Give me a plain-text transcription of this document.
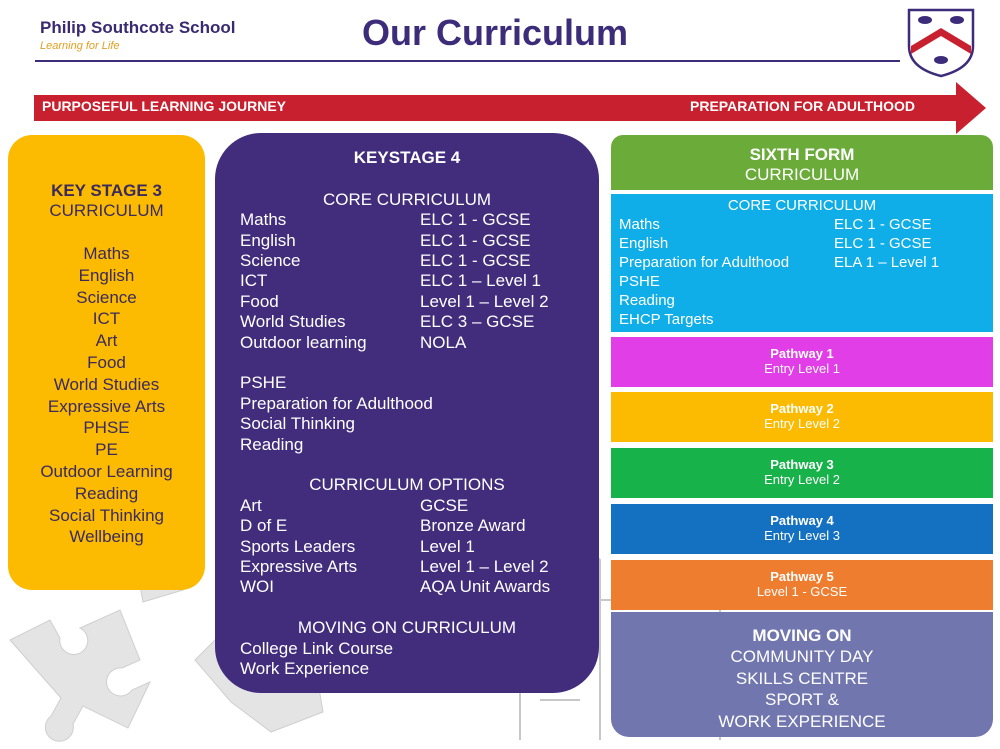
Philip Southcote School
Learning for Life	Our Curriculum
PURPOSEFUL LEARNING JOURNEY	PREPARATION FOR ADULTHOOD
KEY STAGE 3
CURRICULUM
Maths
English
Science
ICT
Art
Food
World Studies
Expressive Arts
PHSE
PE
Outdoor Learning
Reading
Social Thinking
Wellbeing
KEYSTAGE 4
CORE CURRICULUM
Maths	ELC 1 - GCSE
English	ELC 1 - GCSE
Science	ELC 1 - GCSE
ICT	ELC 1 – Level 1
Food	Level 1 – Level 2
World Studies	ELC 3 – GCSE
Outdoor learning	NOLA
PSHE
Preparation for Adulthood
Social Thinking
Reading
CURRICULUM OPTIONS
Art	GCSE
D of E	Bronze Award
Sports Leaders	Level 1
Expressive Arts	Level 1 – Level 2
WOI	AQA Unit Awards
MOVING ON CURRICULUM
College Link Course
Work Experience
SIXTH FORM
CURRICULUM
CORE CURRICULUM
Maths	ELC 1 - GCSE
English	ELC 1 - GCSE
Preparation for Adulthood	ELA 1 – Level 1
PSHE
Reading
EHCP Targets
Pathway 1
Entry Level 1
Pathway 2
Entry Level 2
Pathway 3
Entry Level 2
Pathway 4
Entry Level 3
Pathway 5
Level 1 - GCSE
MOVING ON
COMMUNITY DAY
SKILLS CENTRE
SPORT &
WORK EXPERIENCE
